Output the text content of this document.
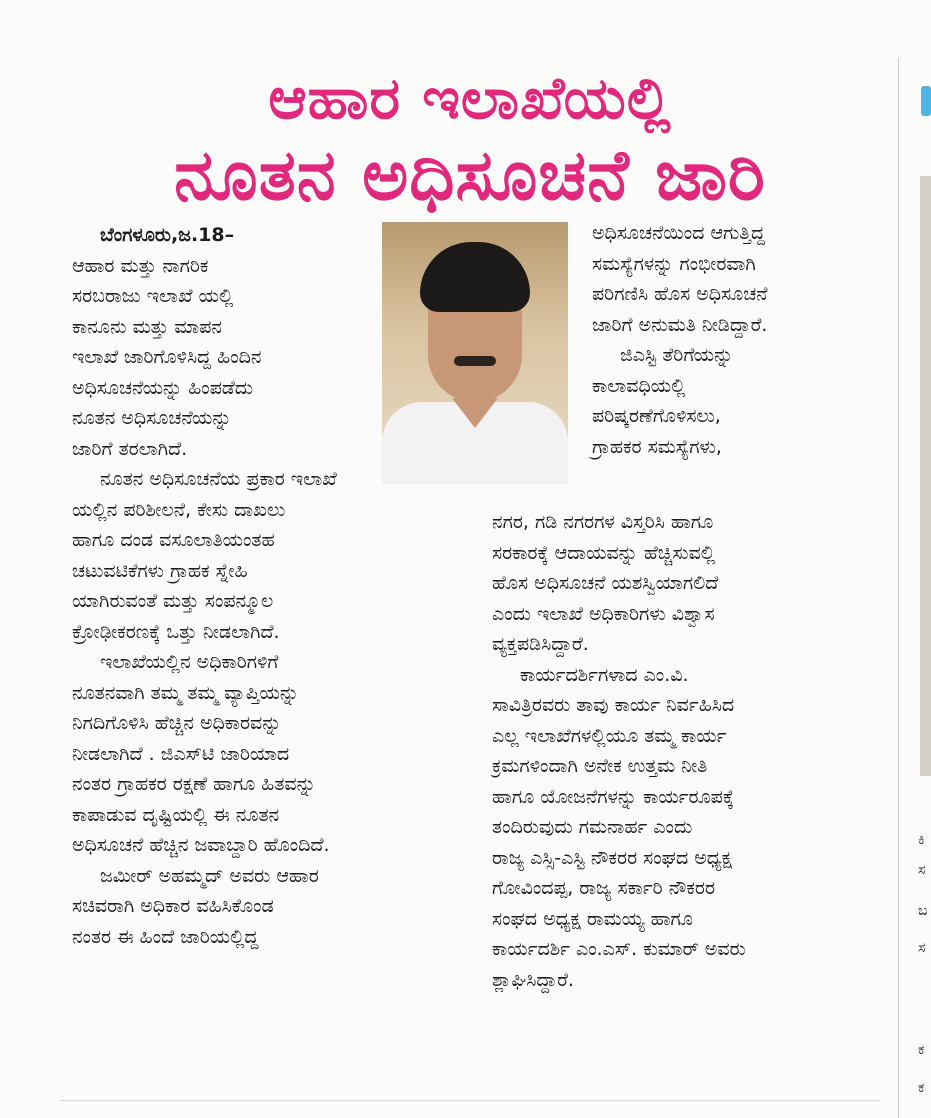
ಆಹಾರ ಇಲಾಖೆಯಲ್ಲಿ
ನೂತನ ಅಧಿಸೂಚನೆ ಜಾರಿ

ಬೆಂಗಳೂರು,ಜ.18–

ಆಹಾರ ಮತ್ತು ನಾಗರಿಕ

ಸರಬರಾಜು ಇಲಾಖೆ ಯಲ್ಲಿ

ಕಾನೂನು ಮತ್ತು ಮಾಪನ

ಇಲಾಖೆ ಜಾರಿಗೊಳಿಸಿದ್ದ ಹಿಂದಿನ

ಅಧಿಸೂಚನೆಯನ್ನು ಹಿಂಪಡೆದು

ನೂತನ ಅಧಿಸೂಚನೆಯನ್ನು

ಜಾರಿಗೆ ತರಲಾಗಿದೆ.

ನೂತನ ಅಧಿಸೂಚನೆಯ ಪ್ರಕಾರ ಇಲಾಖೆ

ಯಲ್ಲಿನ ಪರಿಶೀಲನೆ, ಕೇಸು ದಾಖಲು

ಹಾಗೂ ದಂಡ ವಸೂಲಾತಿಯಂತಹ

ಚಟುವಟಿಕೆಗಳು ಗ್ರಾಹಕ ಸ್ನೇಹಿ

ಯಾಗಿರುವಂತೆ ಮತ್ತು ಸಂಪನ್ಮೂಲ

ಕ್ರೋಢೀಕರಣಕ್ಕೆ ಒತ್ತು ನೀಡಲಾಗಿದೆ.

ಇಲಾಖೆಯಲ್ಲಿನ ಅಧಿಕಾರಿಗಳಿಗೆ

ನೂತನವಾಗಿ ತಮ್ಮ ತಮ್ಮ ವ್ಯಾಪ್ತಿಯನ್ನು

ನಿಗದಿಗೊಳಿಸಿ ಹೆಚ್ಚಿನ ಅಧಿಕಾರವನ್ನು

ನೀಡಲಾಗಿದೆ . ಜಿಎಸ್‌ಟಿ ಜಾರಿಯಾದ

ನಂತರ ಗ್ರಾಹಕರ ರಕ್ಷಣೆ ಹಾಗೂ ಹಿತವನ್ನು

ಕಾಪಾಡುವ ದೃಷ್ಟಿಯಲ್ಲಿ ಈ ನೂತನ

ಅಧಿಸೂಚನೆ ಹೆಚ್ಚಿನ ಜವಾಬ್ದಾರಿ ಹೊಂದಿದೆ.

ಜಮೀರ್ ಅಹಮ್ಮದ್ ಅವರು ಆಹಾರ

ಸಚಿವರಾಗಿ ಅಧಿಕಾರ ವಹಿಸಿಕೊಂಡ

ನಂತರ ಈ ಹಿಂದೆ ಜಾರಿಯಲ್ಲಿದ್ದ

ಅಧಿಸೂಚನೆಯಿಂದ ಆಗುತ್ತಿದ್ದ

ಸಮಸ್ಯೆಗಳನ್ನು ಗಂಭೀರವಾಗಿ

ಪರಿಗಣಿಸಿ ಹೊಸ ಅಧಿಸೂಚನೆ

ಜಾರಿಗೆ ಅನುಮತಿ ನೀಡಿದ್ದಾರೆ.

ಜಿಎಸ್ಟಿ ತೆರಿಗೆಯನ್ನು

ಕಾಲಾವಧಿಯಲ್ಲಿ

ಪರಿಷ್ಕರಣೆಗೊಳಿಸಲು,

ಗ್ರಾಹಕರ ಸಮಸ್ಯೆಗಳು,

ನಗರ, ಗಡಿ ನಗರಗಳ ವಿಸ್ತರಿಸಿ ಹಾಗೂ

ಸರಕಾರಕ್ಕೆ ಆದಾಯವನ್ನು ಹೆಚ್ಚಿಸುವಲ್ಲಿ

ಹೊಸ ಅಧಿಸೂಚನೆ ಯಶಸ್ವಿಯಾಗಲಿದೆ

ಎಂದು ಇಲಾಖೆ ಅಧಿಕಾರಿಗಳು ವಿಶ್ವಾಸ

ವ್ಯಕ್ತಪಡಿಸಿದ್ದಾರೆ.

ಕಾರ್ಯದರ್ಶಿಗಳಾದ ಎಂ.ವಿ.

ಸಾವಿತ್ರಿರವರು ತಾವು ಕಾರ್ಯ ನಿರ್ವಹಿಸಿದ

ಎಲ್ಲ ಇಲಾಖೆಗಳಲ್ಲಿಯೂ ತಮ್ಮ ಕಾರ್ಯ

ಕ್ರಮಗಳಿಂದಾಗಿ ಅನೇಕ ಉತ್ತಮ ನೀತಿ

ಹಾಗೂ ಯೋಜನೆಗಳನ್ನು ಕಾರ್ಯರೂಪಕ್ಕೆ

ತಂದಿರುವುದು ಗಮನಾರ್ಹ ಎಂದು

ರಾಜ್ಯ ಎಸ್ಸಿ-ಎಸ್ಟಿ ನೌಕರರ ಸಂಘದ ಅಧ್ಯಕ್ಷ

ಗೋವಿಂದಪ್ಪ, ರಾಜ್ಯ ಸರ್ಕಾರಿ ನೌಕರರ

ಸಂಘದ ಅಧ್ಯಕ್ಷ ರಾಮಯ್ಯ ಹಾಗೂ

ಕಾರ್ಯದರ್ಶಿ ಎಂ.ಎಸ್. ಕುಮಾರ್ ಅವರು

ಶ್ಲಾಘಿಸಿದ್ದಾರೆ.

ಕಿ
ಸ
ಬ
ಸ
ಕ
ಕ
